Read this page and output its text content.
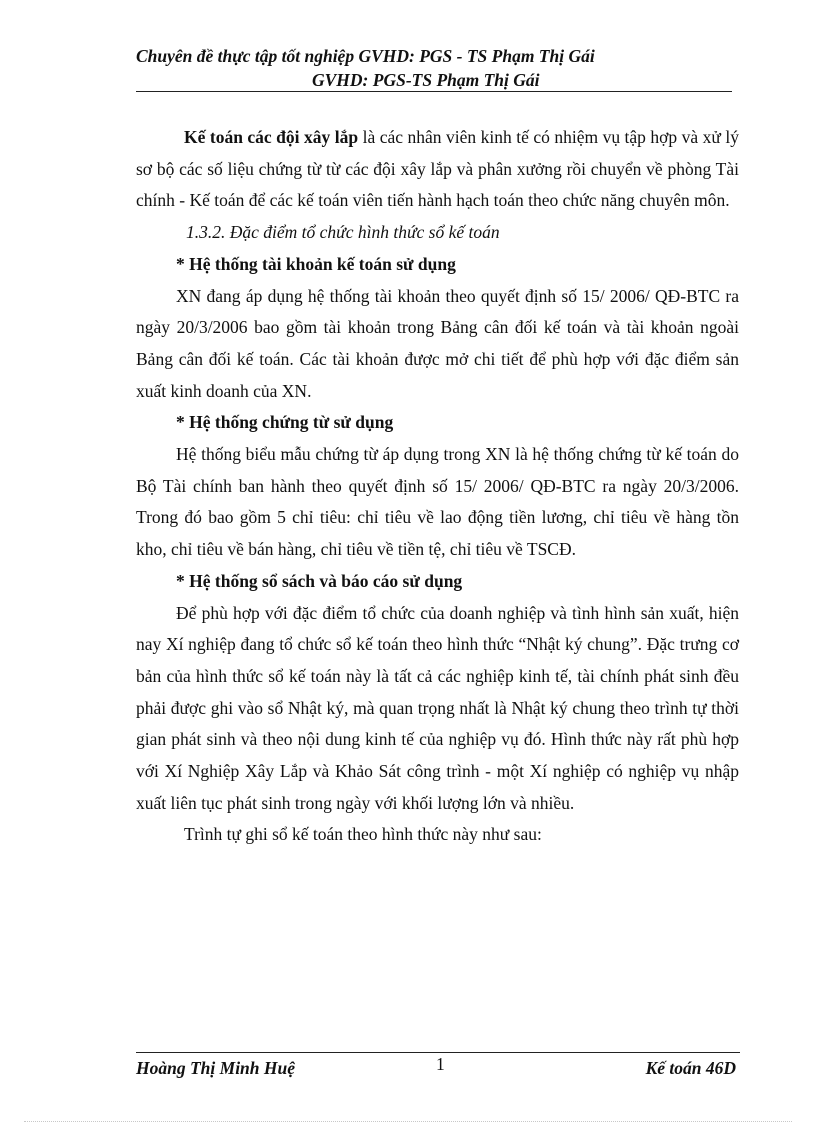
Chuyên đề thực tập tốt nghiệp GVHD: PGS - TS Phạm Thị Gái
GVHD: PGS-TS Phạm Thị Gái

Kế toán các đội xây lắp là các nhân viên kinh tế có nhiệm vụ tập hợp và xử lý sơ bộ các số liệu chứng từ từ các đội xây lắp và phân xưởng rồi chuyển về phòng Tài chính - Kế toán để các kế toán viên tiến hành hạch toán theo chức năng chuyên môn.

1.3.2. Đặc điểm tổ chức hình thức sổ kế toán

* Hệ thống tài khoản kế toán sử dụng

XN đang áp dụng hệ thống tài khoản theo quyết định số 15/ 2006/ QĐ-BTC ra ngày 20/3/2006 bao gồm tài khoản trong Bảng cân đối kế toán và tài khoản ngoài Bảng cân đối kế toán. Các tài khoản được mở chi tiết để phù hợp với đặc điểm sản xuất kinh doanh của XN.

* Hệ thống chứng từ sử dụng

Hệ thống biểu mẫu chứng từ áp dụng trong XN là hệ thống chứng từ kế toán do Bộ Tài chính ban hành theo quyết định số 15/ 2006/ QĐ-BTC ra ngày 20/3/2006. Trong đó bao gồm 5 chỉ tiêu: chỉ tiêu về lao động tiền lương, chỉ tiêu về hàng tồn kho, chỉ tiêu về bán hàng, chỉ tiêu về tiền tệ, chỉ tiêu về TSCĐ.

* Hệ thống sổ sách và báo cáo sử dụng

Để phù hợp với đặc điểm tổ chức của doanh nghiệp và tình hình sản xuất, hiện nay Xí nghiệp đang tổ chức sổ kế toán theo hình thức “Nhật ký chung”. Đặc trưng cơ bản của hình thức sổ kế toán này là tất cả các nghiệp kinh tế, tài chính phát sinh đều phải được ghi vào sổ Nhật ký, mà quan trọng nhất là Nhật ký chung theo trình tự thời gian phát sinh và theo nội dung kinh tế của nghiệp vụ đó. Hình thức này rất phù hợp với Xí Nghiệp Xây Lắp và Khảo Sát công trình - một Xí nghiệp có nghiệp vụ nhập xuất liên tục phát sinh trong ngày với khối lượng lớn và nhiều.

Trình tự ghi sổ kế toán theo hình thức này như sau:

Hoàng Thị Minh Huệ	1	Kế toán 46D
